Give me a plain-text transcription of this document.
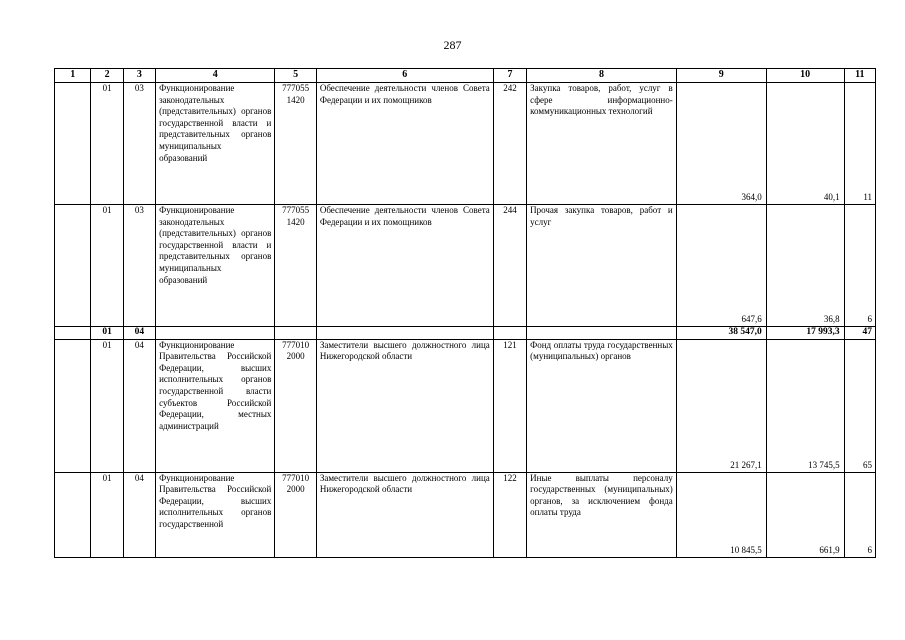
287
1	2	3	4	5	6	7	8	9	10	11
	01	03	Функционирование законодательных (представительных) органов государственной власти и представительных органов муниципальных образований	777055 1420	Обеспечение деятельности членов Совета Федерации и их помощников	242	Закупка товаров, работ, услуг в сфере информационно-коммуникационных технологий	364,0	40,1	11
	01	03	Функционирование законодательных (представительных) органов государственной власти и представительных органов муниципальных образований	777055 1420	Обеспечение деятельности членов Совета Федерации и их помощников	244	Прочая закупка товаров, работ и услуг	647,6	36,8	6
	01	04						38 547,0	17 993,3	47
	01	04	Функционирование Правительства Российской Федерации, высших исполнительных органов государственной власти субъектов Российской Федерации, местных администраций	777010 2000	Заместители высшего должностного лица Нижегородской области	121	Фонд оплаты труда государственных (муниципальных) органов	21 267,1	13 745,5	65
	01	04	Функционирование Правительства Российской Федерации, высших исполнительных органов государственной	777010 2000	Заместители высшего должностного лица Нижегородской области	122	Иные выплаты персоналу государственных (муниципальных) органов, за исключением фонда оплаты труда	10 845,5	661,9	6
